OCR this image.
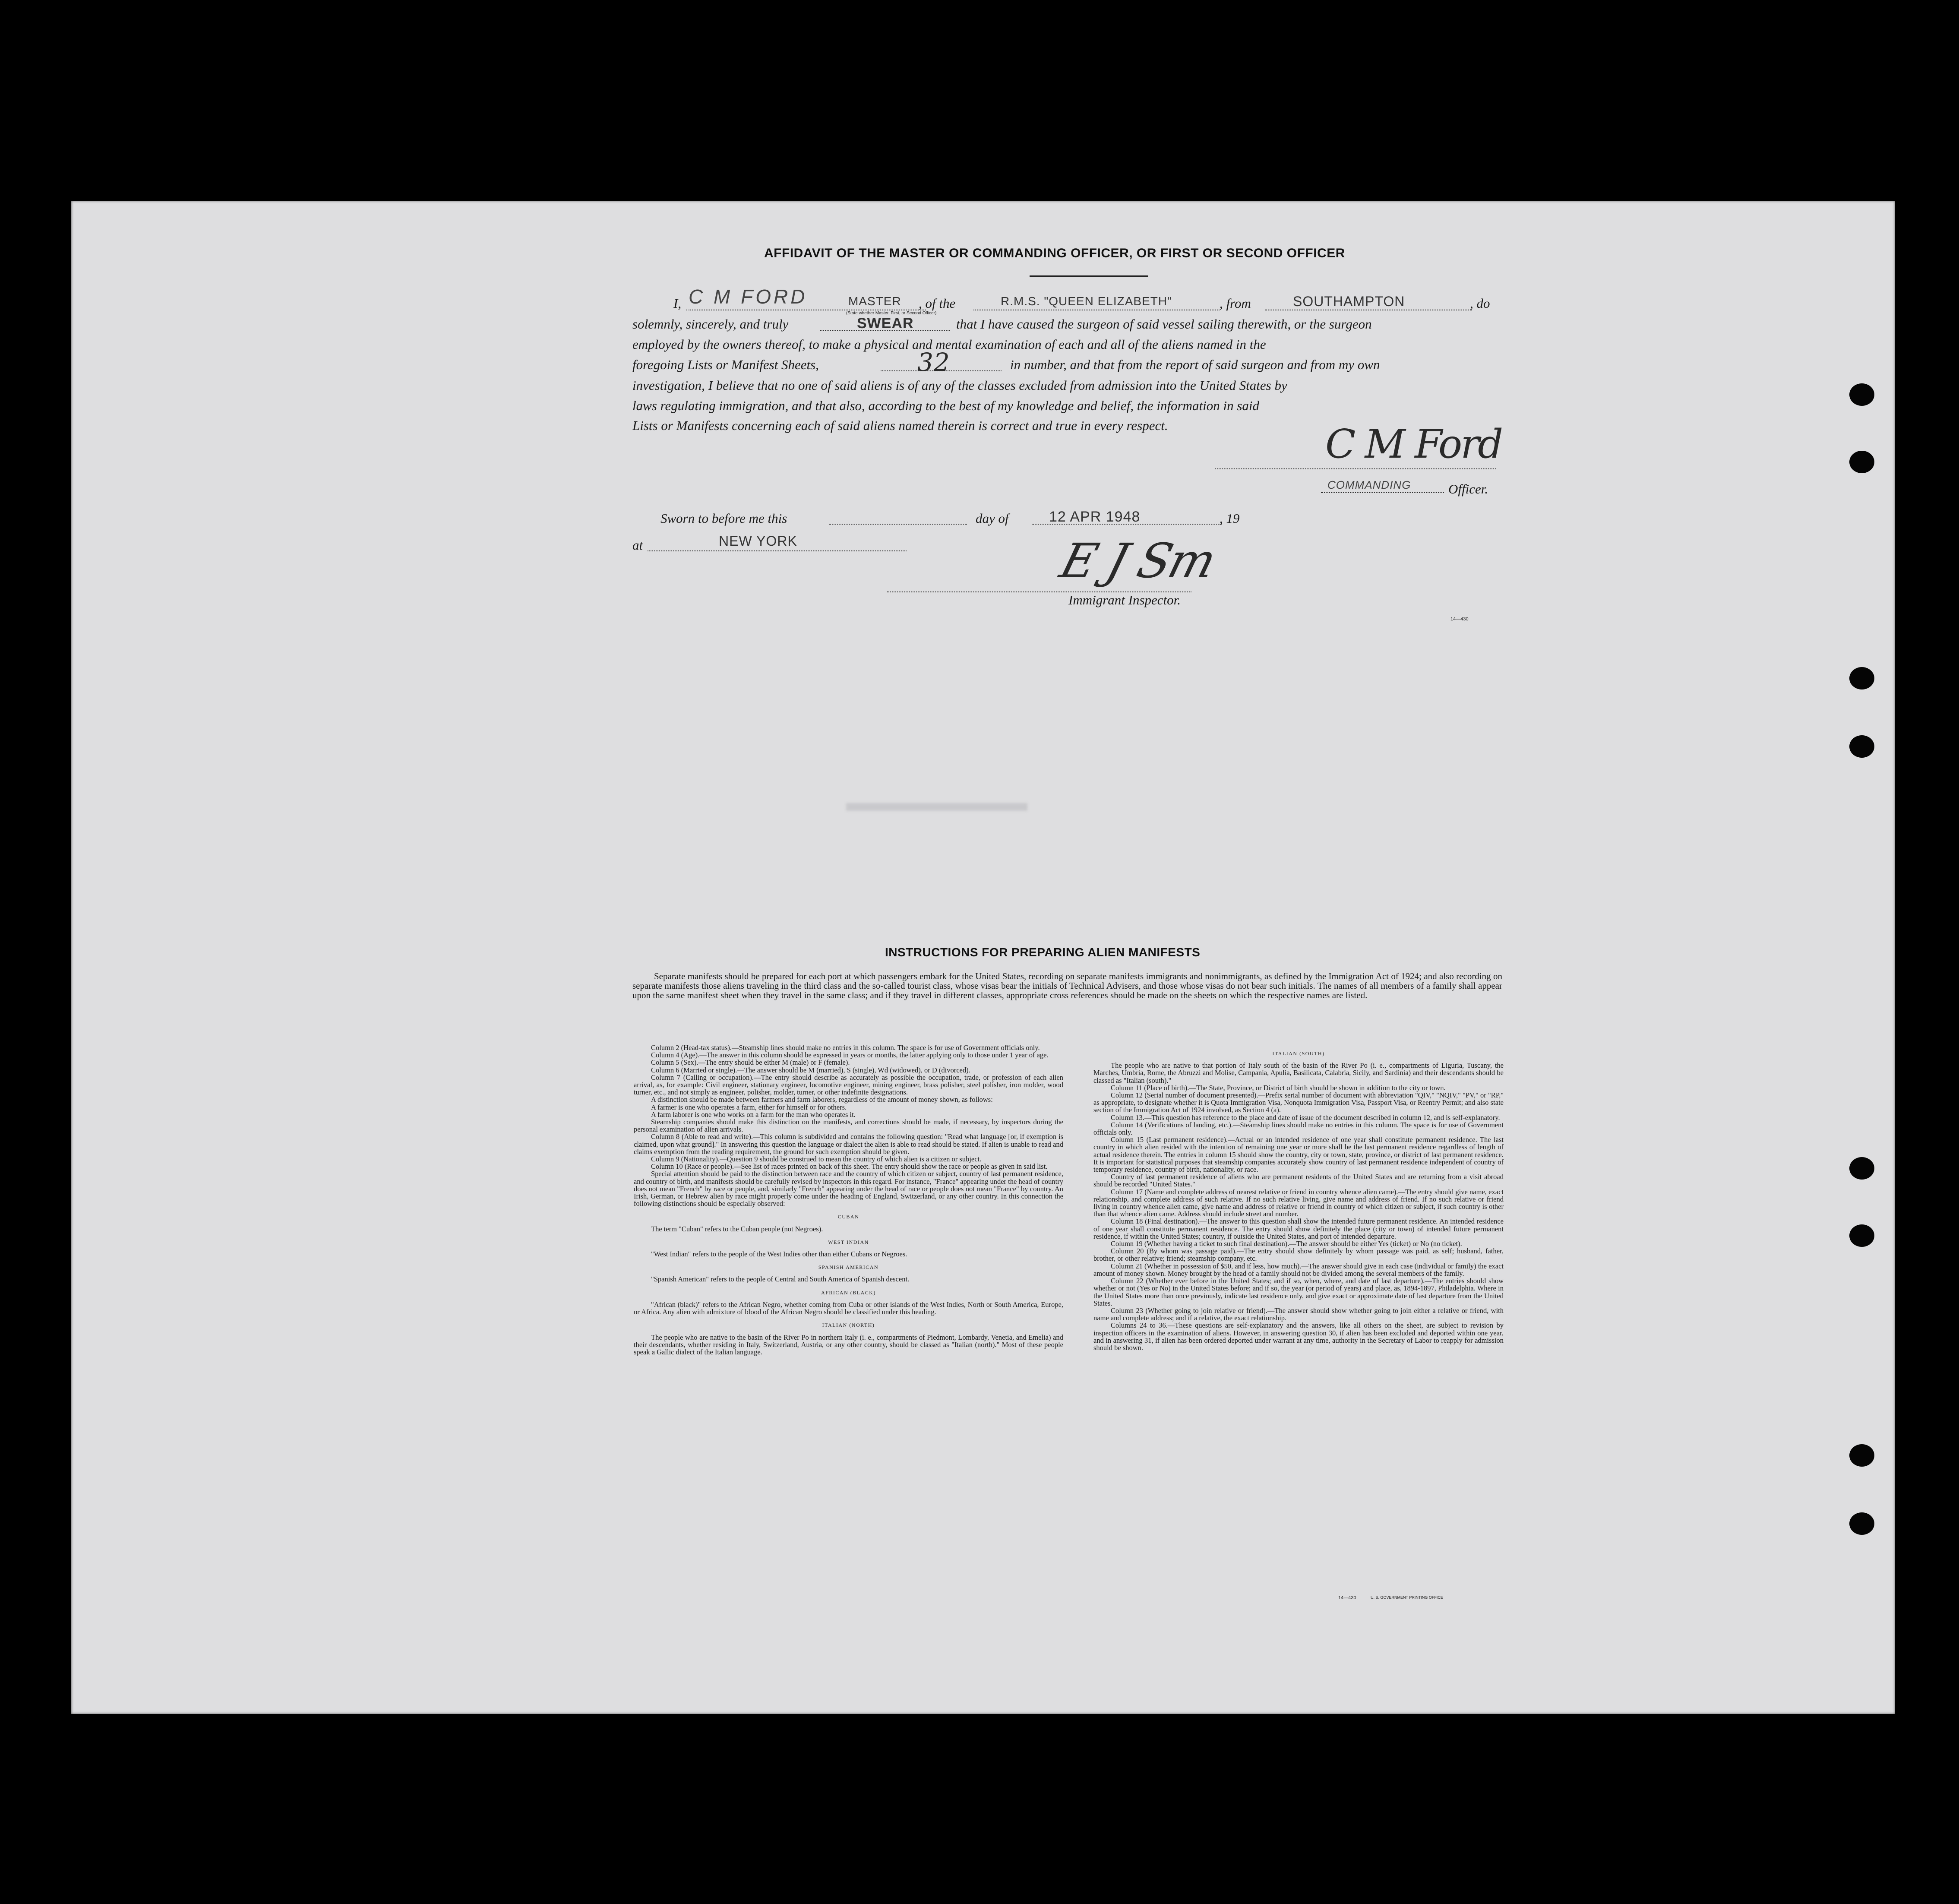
AFFIDAVIT OF THE MASTER OR COMMANDING OFFICER, OR FIRST OR SECOND OFFICER
I, C M FORD	MASTER , of the	R.M.S. "QUEEN ELIZABETH"	, from	SOUTHAMPTON	, do
(State whether Master, First, or Second Officer)
solemnly, sincerely, and truly	SWEAR	that I have caused the surgeon of said vessel sailing therewith, or the surgeon
employed by the owners thereof, to make a physical and mental examination of each and all of the aliens named in the
foregoing Lists or Manifest Sheets,	32	in number, and that from the report of said surgeon and from my own
investigation, I believe that no one of said aliens is of any of the classes excluded from admission into the United States by
laws regulating immigration, and that also, according to the best of my knowledge and belief, the information in said
Lists or Manifests concerning each of said aliens named therein is correct and true in every respect.	C M Ford
COMMANDING	Officer.
Sworn to before me this	day of	12 APR 1948	, 19
at	NEW YORK	E J Sm
Immigrant Inspector.
14—430
INSTRUCTIONS FOR PREPARING ALIEN MANIFESTS
Separate manifests should be prepared for each port at which passengers embark for the United States, recording on separate manifests immigrants and nonimmigrants, as defined by the Immigration Act of 1924; and also recording on separate manifests those aliens traveling in the third class and the so-called tourist class, whose visas bear the initials of Technical Advisers, and those whose visas do not bear such initials. The names of all members of a family shall appear upon the same manifest sheet when they travel in the same class; and if they travel in different classes, appropriate cross references should be made on the sheets on which the respective names are listed.

Column 2 (Head-tax status).—Steamship lines should make no entries in this column. The space is for use of Government officials only.

Column 4 (Age).—The answer in this column should be expressed in years or months, the latter applying only to those under 1 year of age.

Column 5 (Sex).—The entry should be either M (male) or F (female).

Column 6 (Married or single).—The answer should be M (married), S (single), Wd (widowed), or D (divorced).

Column 7 (Calling or occupation).—The entry should describe as accurately as possible the occupation, trade, or profession of each alien arrival, as, for example: Civil engineer, stationary engineer, locomotive engineer, mining engineer, brass polisher, steel polisher, iron molder, wood turner, etc., and not simply as engineer, polisher, molder, turner, or other indefinite designations.

A distinction should be made between farmers and farm laborers, regardless of the amount of money shown, as follows:

A farmer is one who operates a farm, either for himself or for others.

A farm laborer is one who works on a farm for the man who operates it.

Steamship companies should make this distinction on the manifests, and corrections should be made, if necessary, by inspectors during the personal examination of alien arrivals.

Column 8 (Able to read and write).—This column is subdivided and contains the following question: "Read what language [or, if exemption is claimed, upon what ground]." In answering this question the language or dialect the alien is able to read should be stated. If alien is unable to read and claims exemption from the reading requirement, the ground for such exemption should be given.

Column 9 (Nationality).—Question 9 should be construed to mean the country of which alien is a citizen or subject.

Column 10 (Race or people).—See list of races printed on back of this sheet. The entry should show the race or people as given in said list.

Special attention should be paid to the distinction between race and the country of which citizen or subject, country of last permanent residence, and country of birth, and manifests should be carefully revised by inspectors in this regard. For instance, "France" appearing under the head of country does not mean "French" by race or people, and, similarly "French" appearing under the head of race or people does not mean "France" by country. An Irish, German, or Hebrew alien by race might properly come under the heading of England, Switzerland, or any other country. In this connection the following distinctions should be especially observed:

CUBAN

The term "Cuban" refers to the Cuban people (not Negroes).

WEST INDIAN

"West Indian" refers to the people of the West Indies other than either Cubans or Negroes.

SPANISH AMERICAN

"Spanish American" refers to the people of Central and South America of Spanish descent.

AFRICAN (BLACK)

"African (black)" refers to the African Negro, whether coming from Cuba or other islands of the West Indies, North or South America, Europe, or Africa. Any alien with admixture of blood of the African Negro should be classified under this heading.

ITALIAN (NORTH)

The people who are native to the basin of the River Po in northern Italy (i. e., compartments of Piedmont, Lombardy, Venetia, and Emelia) and their descendants, whether residing in Italy, Switzerland, Austria, or any other country, should be classed as "Italian (north)." Most of these people speak a Gallic dialect of the Italian language.

ITALIAN (SOUTH)

The people who are native to that portion of Italy south of the basin of the River Po (i. e., compartments of Liguria, Tuscany, the Marches, Umbria, Rome, the Abruzzi and Molise, Campania, Apulia, Basilicata, Calabria, Sicily, and Sardinia) and their descendants should be classed as "Italian (south)."

Column 11 (Place of birth).—The State, Province, or District of birth should be shown in addition to the city or town.

Column 12 (Serial number of document presented).—Prefix serial number of document with abbreviation "QIV," "NQIV," "PV," or "RP," as appropriate, to designate whether it is Quota Immigration Visa, Nonquota Immigration Visa, Passport Visa, or Reentry Permit; and also state section of the Immigration Act of 1924 involved, as Section 4 (a).

Column 13.—This question has reference to the place and date of issue of the document described in column 12, and is self-explanatory.

Column 14 (Verifications of landing, etc.).—Steamship lines should make no entries in this column. The space is for use of Government officials only.

Column 15 (Last permanent residence).—Actual or an intended residence of one year shall constitute permanent residence. The last country in which alien resided with the intention of remaining one year or more shall be the last permanent residence regardless of length of actual residence therein. The entries in column 15 should show the country, city or town, state, province, or district of last permanent residence. It is important for statistical purposes that steamship companies accurately show country of last permanent residence independent of country of temporary residence, country of birth, nationality, or race.

Country of last permanent residence of aliens who are permanent residents of the United States and are returning from a visit abroad should be recorded "United States."

Column 17 (Name and complete address of nearest relative or friend in country whence alien came).—The entry should give name, exact relationship, and complete address of such relative. If no such relative living, give name and address of friend. If no such relative or friend living in country whence alien came, give name and address of relative or friend in country of which citizen or subject, if such country is other than that whence alien came. Address should include street and number.

Column 18 (Final destination).—The answer to this question shall show the intended future permanent residence. An intended residence of one year shall constitute permanent residence. The entry should show definitely the place (city or town) of intended future permanent residence, if within the United States; country, if outside the United States, and port of intended departure.

Column 19 (Whether having a ticket to such final destination).—The answer should be either Yes (ticket) or No (no ticket).

Column 20 (By whom was passage paid).—The entry should show definitely by whom passage was paid, as self; husband, father, brother, or other relative; friend; steamship company, etc.

Column 21 (Whether in possession of $50, and if less, how much).—The answer should give in each case (individual or family) the exact amount of money shown. Money brought by the head of a family should not be divided among the several members of the family.

Column 22 (Whether ever before in the United States; and if so, when, where, and date of last departure).—The entries should show whether or not (Yes or No) in the United States before; and if so, the year (or period of years) and place, as, 1894-1897, Philadelphia. Where in the United States more than once previously, indicate last residence only, and give exact or approximate date of last departure from the United States.

Column 23 (Whether going to join relative or friend).—The answer should show whether going to join either a relative or friend, with name and complete address; and if a relative, the exact relationship.

Columns 24 to 36.—These questions are self-explanatory and the answers, like all others on the sheet, are subject to revision by inspection officers in the examination of aliens. However, in answering question 30, if alien has been excluded and deported within one year, and in answering 31, if alien has been ordered deported under warrant at any time, authority in the Secretary of Labor to reapply for admission should be shown.

14—430	U. S. GOVERNMENT PRINTING OFFICE
